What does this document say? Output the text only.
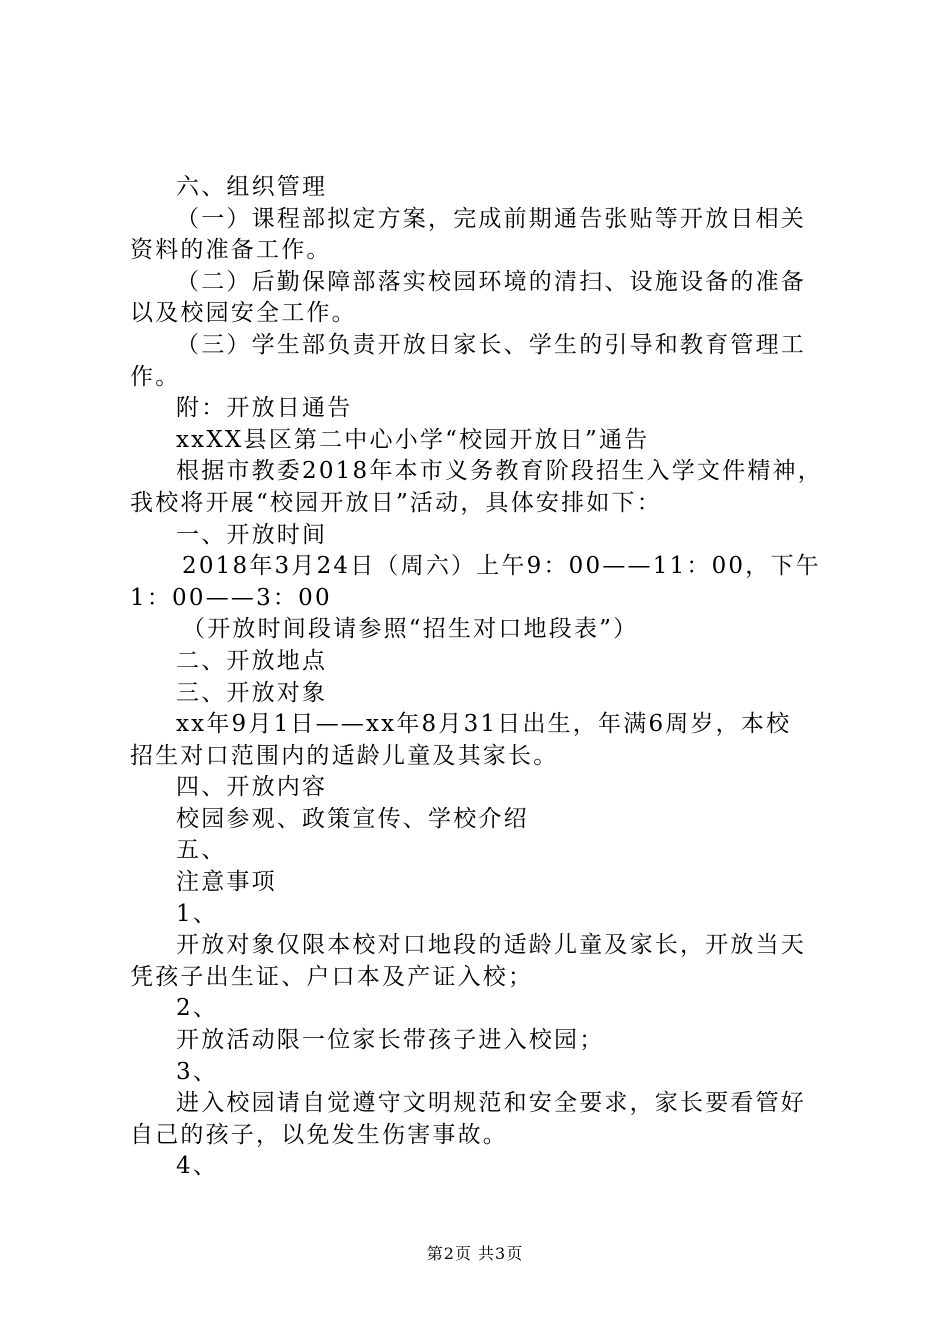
六、组织管理

（一）课程部拟定方案，完成前期通告张贴等开放日相关

资料的准备工作。

（二）后勤保障部落实校园环境的清扫、设施设备的准备

以及校园安全工作。

（三）学生部负责开放日家长、学生的引导和教育管理工

作。

附：开放日通告

xxXX县区第二中心小学“校园开放日”通告

根据市教委2018年本市义务教育阶段招生入学文件精神，

我校将开展“校园开放日”活动，具体安排如下：

一、开放时间

2018年3月24日（周六）上午9：00——11：00，下午

1：00——3：00

（开放时间段请参照“招生对口地段表”）

二、开放地点

三、开放对象

xx年9月1日——xx年8月31日出生，年满6周岁，本校

招生对口范围内的适龄儿童及其家长。

四、开放内容

校园参观、政策宣传、学校介绍

五、

注意事项

1、

开放对象仅限本校对口地段的适龄儿童及家长，开放当天

凭孩子出生证、户口本及产证入校；

2、

开放活动限一位家长带孩子进入校园；

3、

进入校园请自觉遵守文明规范和安全要求，家长要看管好

自己的孩子，以免发生伤害事故。

4、

第2页 共3页
